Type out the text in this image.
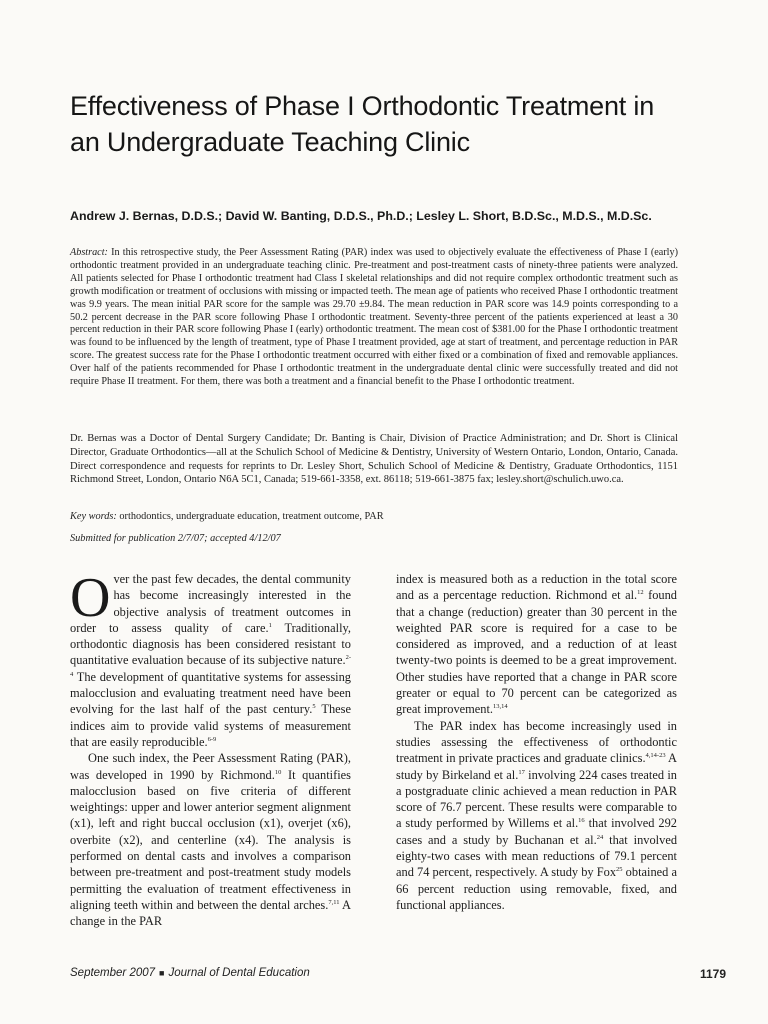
Effectiveness of Phase I Orthodontic Treatment in an Undergraduate Teaching Clinic

Andrew J. Bernas, D.D.S.; David W. Banting, D.D.S., Ph.D.; Lesley L. Short, B.D.Sc., M.D.S., M.D.Sc.

Abstract: In this retrospective study, the Peer Assessment Rating (PAR) index was used to objectively evaluate the effectiveness of Phase I (early) orthodontic treatment provided in an undergraduate teaching clinic. Pre-treatment and post-treatment casts of ninety-three patients were analyzed. All patients selected for Phase I orthodontic treatment had Class I skeletal relationships and did not require complex orthodontic treatment such as growth modification or treatment of occlusions with missing or impacted teeth. The mean age of patients who received Phase I orthodontic treatment was 9.9 years. The mean initial PAR score for the sample was 29.70 ±9.84. The mean reduction in PAR score was 14.9 points corresponding to a 50.2 percent decrease in the PAR score following Phase I orthodontic treatment. Seventy-three percent of the patients experienced at least a 30 percent reduction in their PAR score following Phase I (early) orthodontic treatment. The mean cost of $381.00 for the Phase I orthodontic treatment was found to be influenced by the length of treatment, type of Phase I treatment provided, age at start of treatment, and percentage reduction in PAR score. The greatest success rate for the Phase I orthodontic treatment occurred with either fixed or a combination of fixed and removable appliances. Over half of the patients recommended for Phase I orthodontic treatment in the undergraduate dental clinic were successfully treated and did not require Phase II treatment. For them, there was both a treatment and a financial benefit to the Phase I orthodontic treatment.

Dr. Bernas was a Doctor of Dental Surgery Candidate; Dr. Banting is Chair, Division of Practice Administration; and Dr. Short is Clinical Director, Graduate Orthodontics—all at the Schulich School of Medicine & Dentistry, University of Western Ontario, London, Ontario, Canada. Direct correspondence and requests for reprints to Dr. Lesley Short, Schulich School of Medicine & Dentistry, Graduate Orthodontics, 1151 Richmond Street, London, Ontario N6A 5C1, Canada; 519-661-3358, ext. 86118; 519-661-3875 fax; lesley.short@schulich.uwo.ca.

Key words: orthodontics, undergraduate education, treatment outcome, PAR

Submitted for publication 2/7/07; accepted 4/12/07

Over the past few decades, the dental community has become increasingly interested in the objective analysis of treatment outcomes in order to assess quality of care.$^1$ Traditionally, orthodontic diagnosis has been considered resistant to quantitative evaluation because of its subjective nature.$^{2-4}$ The development of quantitative systems for assessing malocclusion and evaluating treatment need have been evolving for the last half of the past century.$^5$ These indices aim to provide valid systems of measurement that are easily reproducible.$^{6-9}$

One such index, the Peer Assessment Rating (PAR), was developed in 1990 by Richmond.$^{10}$ It quantifies malocclusion based on five criteria of different weightings: upper and lower anterior segment alignment (x1), left and right buccal occlusion (x1), overjet (x6), overbite (x2), and centerline (x4). The analysis is performed on dental casts and involves a comparison between pre-treatment and post-treatment study models permitting the evaluation of treatment effectiveness in aligning teeth within and between the dental arches.$^{7,11}$ A change in the PAR

index is measured both as a reduction in the total score and as a percentage reduction. Richmond et al.$^{12}$ found that a change (reduction) greater than 30 percent in the weighted PAR score is required for a case to be considered as improved, and a reduction of at least twenty-two points is deemed to be a great improvement. Other studies have reported that a change in PAR score greater or equal to 70 percent can be categorized as great improvement.$^{13,14}$

The PAR index has become increasingly used in studies assessing the effectiveness of orthodontic treatment in private practices and graduate clinics.$^{4,14-23}$ A study by Birkeland et al.$^{17}$ involving 224 cases treated in a postgraduate clinic achieved a mean reduction in PAR score of 76.7 percent. These results were comparable to a study performed by Willems et al.$^{16}$ that involved 292 cases and a study by Buchanan et al.$^{24}$ that involved eighty-two cases with mean reductions of 79.1 percent and 74 percent, respectively. A study by Fox$^{25}$ obtained a 66 percent reduction using removable, fixed, and functional appliances.

September 2007 ■ Journal of Dental Education	1179
